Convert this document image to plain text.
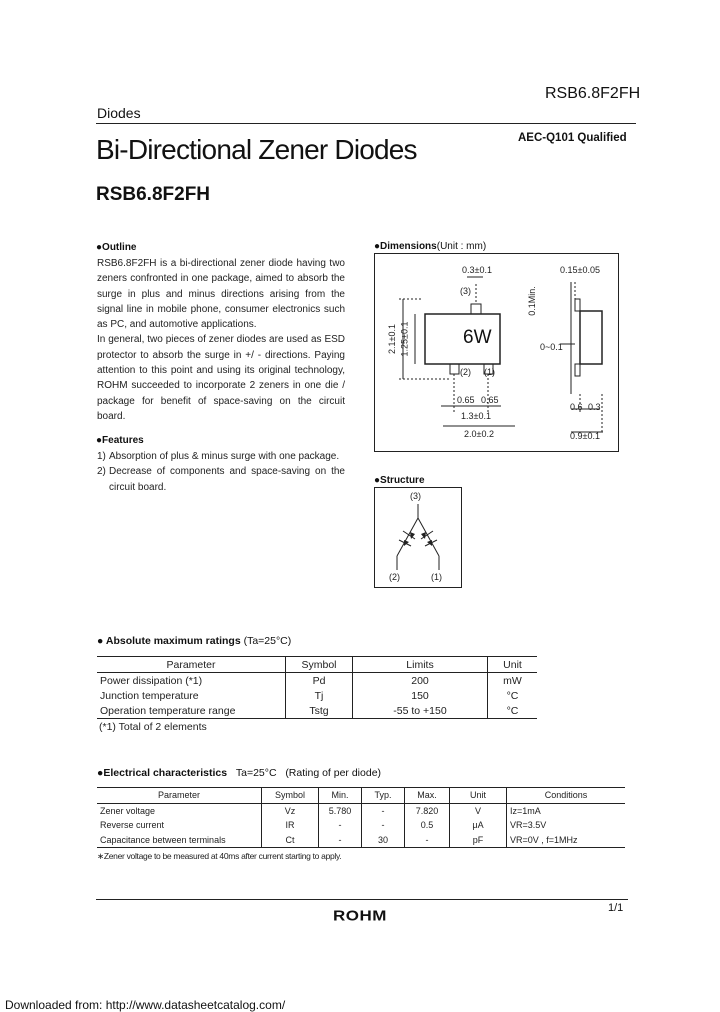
RSB6.8F2FH
Diodes
Bi-Directional Zener Diodes	AEC-Q101 Qualified
RSB6.8F2FH
●Outline
RSB6.8F2FH is a bi-directional zener diode having two zeners confronted in one package, aimed to absorb the surge in plus and minus directions arising from the signal line in mobile phone, consumer electronics such as PC, and automotive applications.
In general, two pieces of zener diodes are used as ESD protector to absorb the surge in +/ - directions. Paying attention to this point and using its original technology, ROHM succeeded to incorporate 2 zeners in one die / package for benefit of space-saving on the circuit board.
●Features
1) Absorption of plus & minus surge with one package.
2) Decrease of components and space-saving on the circuit board.
●Dimensions(Unit : mm)
0.3±0.1
(3)
6W
2.1±0.1 1.25±0.1
(2) (1)
0.65 0.65
1.3±0.1
2.0±0.2
0.15±0.05
0.1Min.
0~0.1
0.6 0.3
0.9±0.1
●Structure
(3)
(2)	(1)
● Absolute maximum ratings (Ta=25°C)
Parameter	Symbol	Limits	Unit
Power dissipation (*1)	Pd	200	mW
Junction temperature	Tj	150	°C
Operation temperature range	Tstg	-55 to +150	°C
(*1) Total of 2 elements
●Electrical characteristics Ta=25°C (Rating of per diode)
Parameter	Symbol	Min.	Typ.	Max.	Unit	Conditions
Zener voltage	Vz	5.780	-	7.820	V	Iz=1mA
Reverse current	IR	-	-	0.5	μA	VR=3.5V
Capacitance between terminals	Ct	-	30	-	pF	VR=0V , f=1MHz
∗Zener voltage to be measured at 40ms after current starting to apply.
1/1
ROHM
Downloaded from: http://www.datasheetcatalog.com/
